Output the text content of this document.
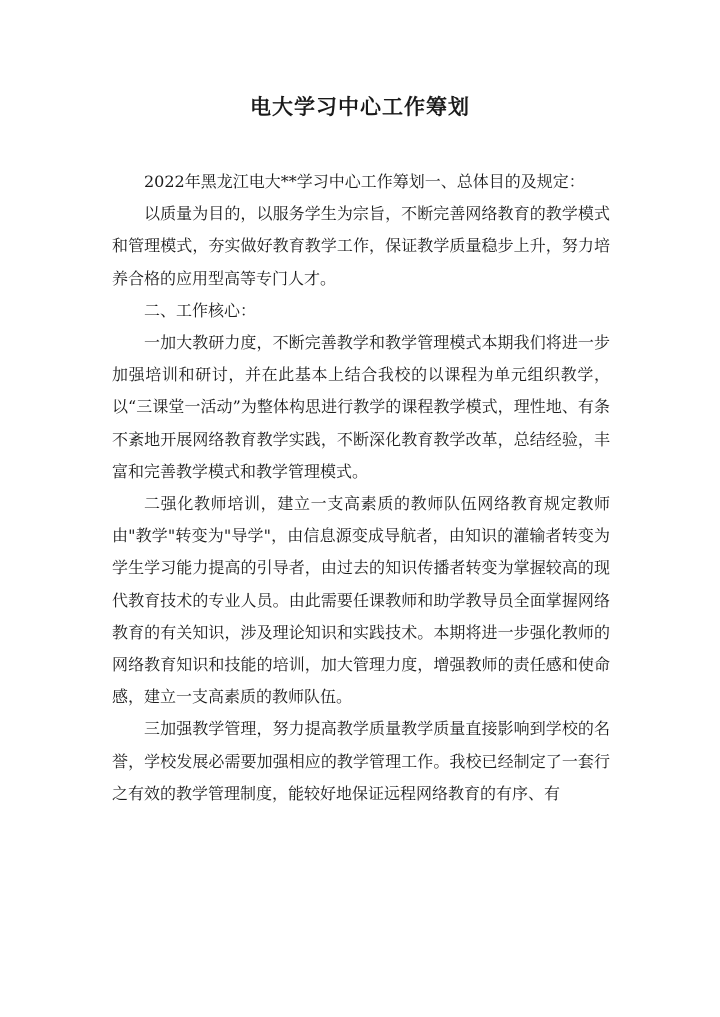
电大学习中心工作筹划

2022年黑龙江电大**学习中心工作筹划一、总体目的及规定：

以质量为目的，以服务学生为宗旨，不断完善网络教育的教学模式和管理模式，夯实做好教育教学工作，保证教学质量稳步上升，努力培养合格的应用型高等专门人才。

二、工作核心：

一加大教研力度，不断完善教学和教学管理模式本期我们将进一步加强培训和研讨，并在此基本上结合我校的以课程为单元组织教学，以“三课堂一活动”为整体构思进行教学的课程教学模式，理性地、有条不紊地开展网络教育教学实践，不断深化教育教学改革，总结经验，丰富和完善教学模式和教学管理模式。

二强化教师培训，建立一支高素质的教师队伍网络教育规定教师由"教学"转变为"导学"，由信息源变成导航者，由知识的灌输者转变为学生学习能力提高的引导者，由过去的知识传播者转变为掌握较高的现代教育技术的专业人员。由此需要任课教师和助学教导员全面掌握网络教育的有关知识，涉及理论知识和实践技术。本期将进一步强化教师的网络教育知识和技能的培训，加大管理力度，增强教师的责任感和使命感，建立一支高素质的教师队伍。

三加强教学管理，努力提高教学质量教学质量直接影响到学校的名誉，学校发展必需要加强相应的教学管理工作。我校已经制定了一套行之有效的教学管理制度，能较好地保证远程网络教育的有序、有
